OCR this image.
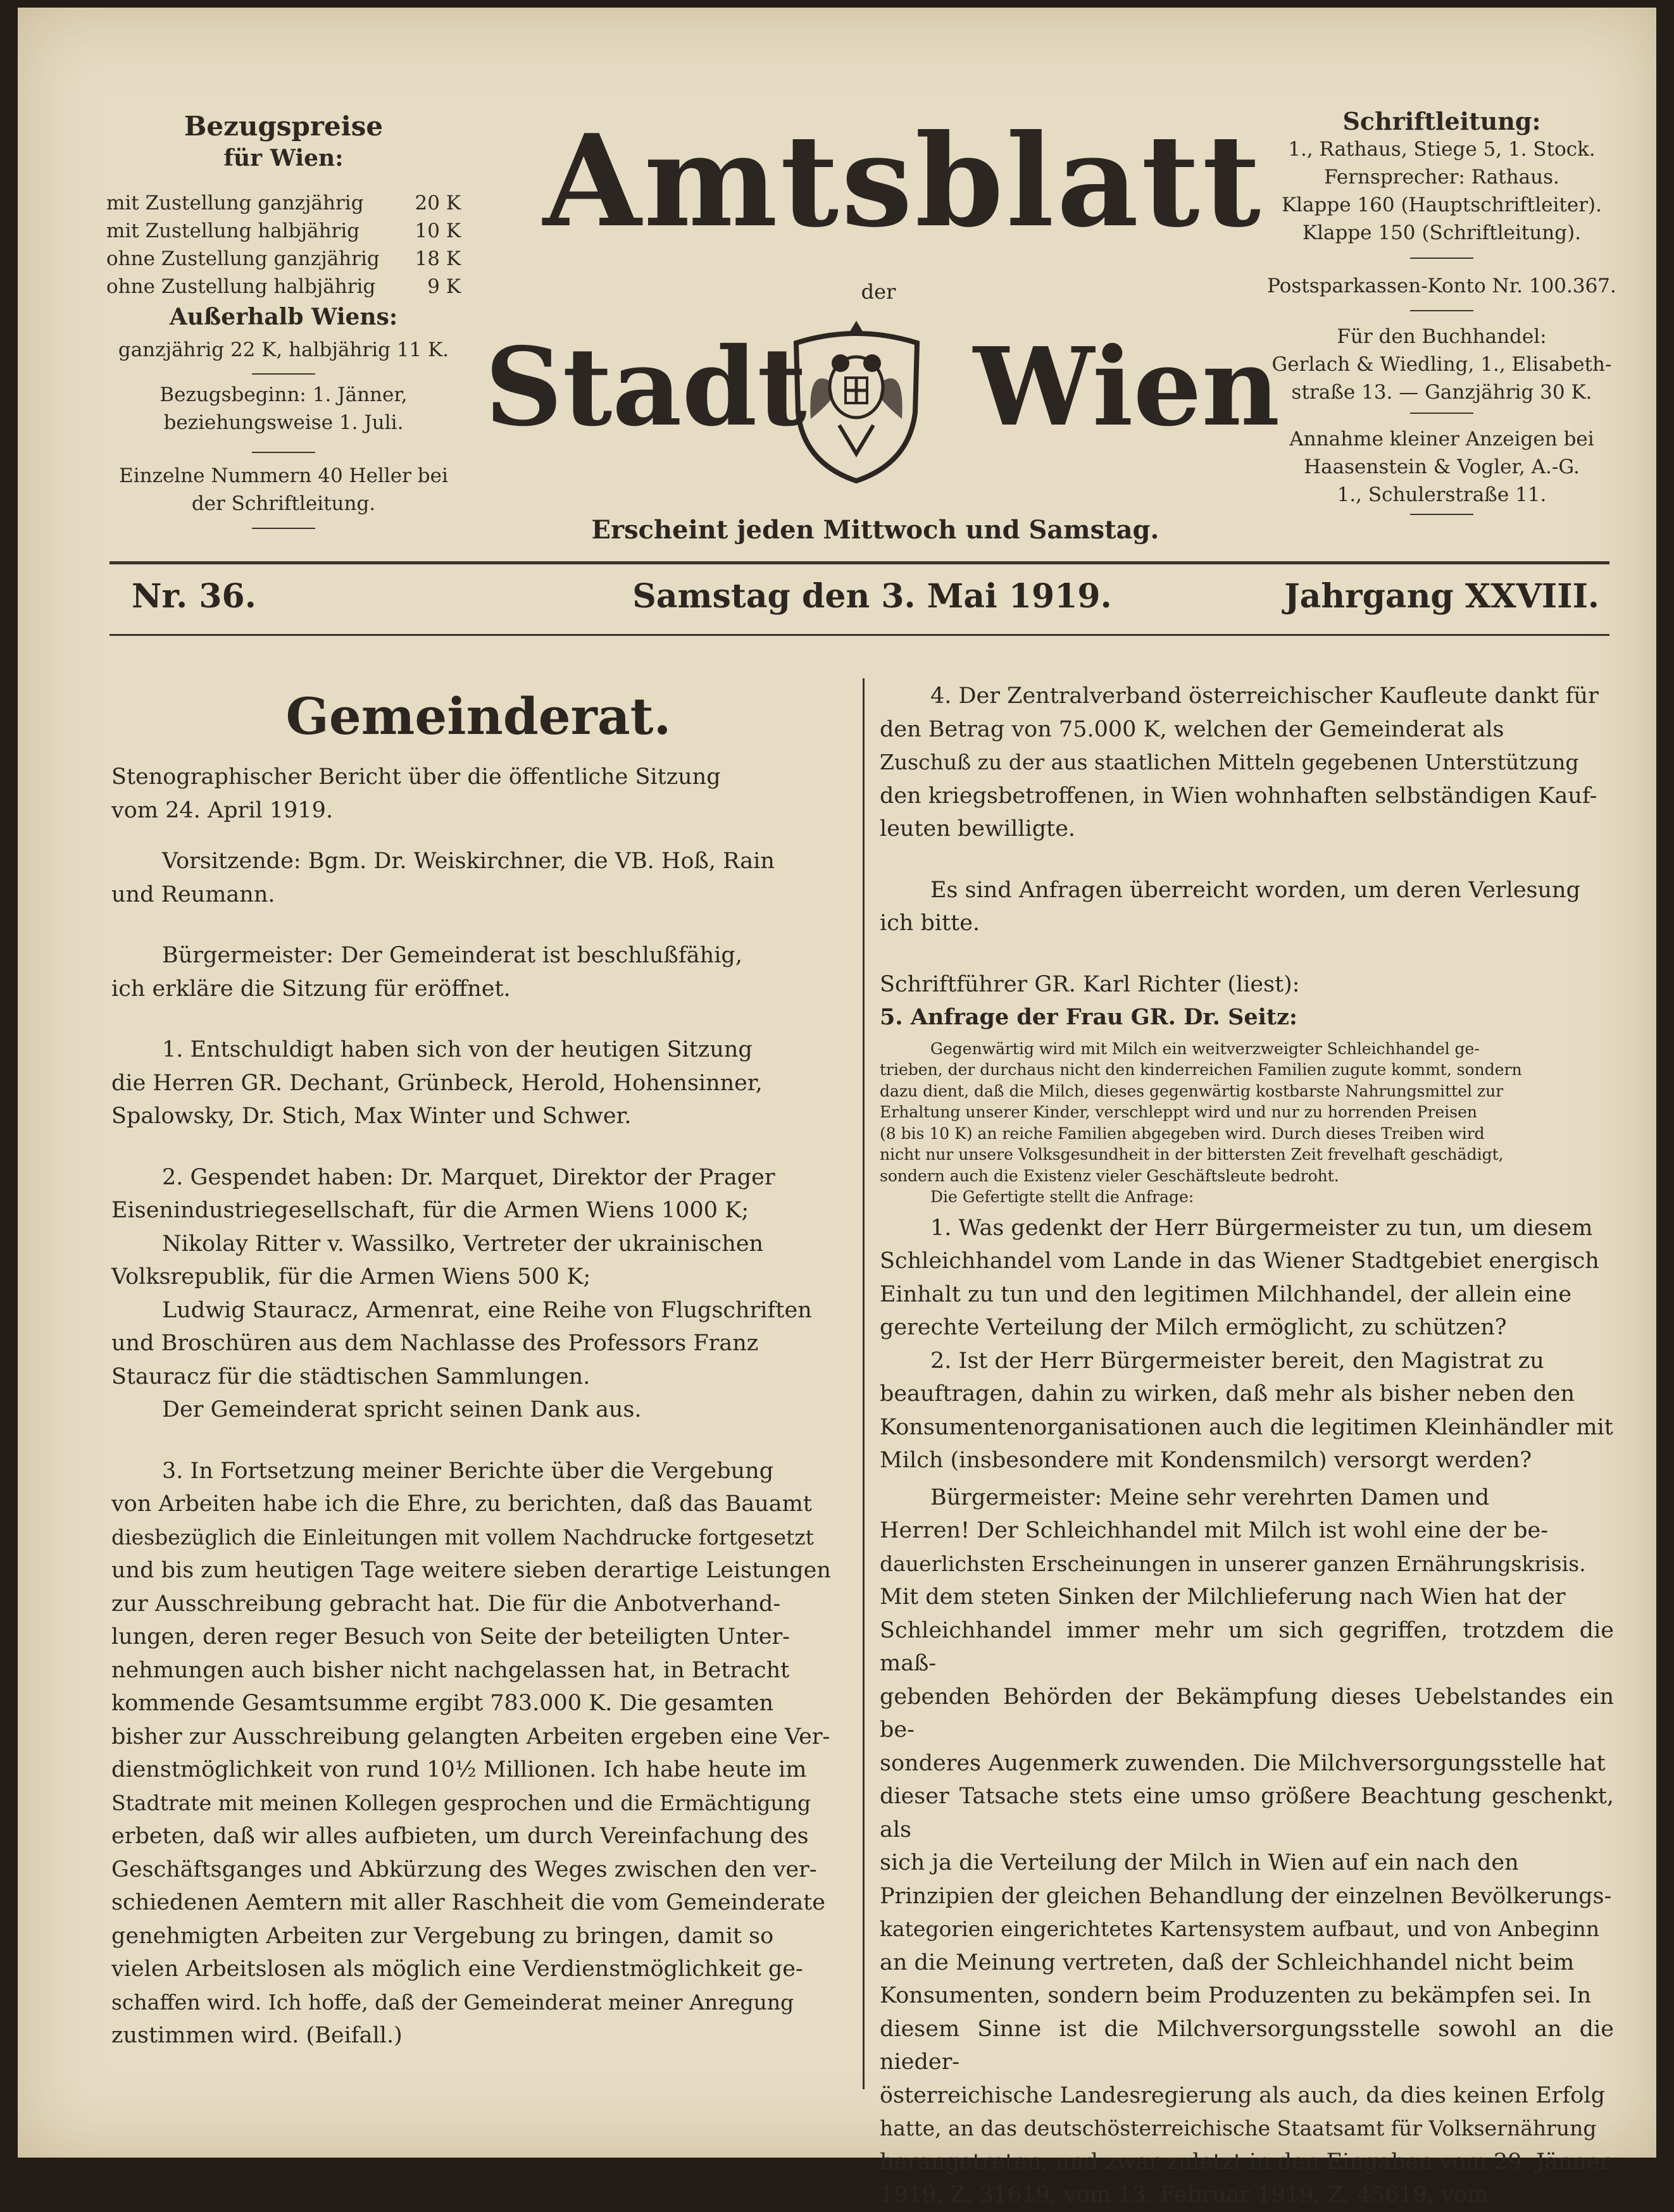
Bezugspreise
für Wien:
mit Zustellung ganzjährig	20 K
mit Zustellung halbjährig	10 K
ohne Zustellung ganzjährig 18 K
ohne Zustellung halbjährig	9 K
Außerhalb Wiens:
ganzjährig 22 K, halbjährig 11 K.
Bezugsbeginn: 1. Jänner,
beziehungsweise 1. Juli.
Einzelne Nummern 40 Heller bei
der Schriftleitung.
Amtsblatt
der
Stadt Wien
Erscheint jeden Mittwoch und Samstag.
Schriftleitung:
1., Rathaus, Stiege 5, 1. Stock.
Fernsprecher: Rathaus.
Klappe 160 (Hauptschriftleiter).
Klappe 150 (Schriftleitung).
Postsparkassen-Konto Nr. 100.367.
Für den Buchhandel:
Gerlach & Wiedling, 1., Elisabeth-
straße 13. — Ganzjährig 30 K.
Annahme kleiner Anzeigen bei
Haasenstein & Vogler, A.-G.
1., Schulerstraße 11.
Nr. 36.	Samstag den 3. Mai 1919.	Jahrgang XXVIII.
Gemeinderat.

Stenographischer Bericht über die öffentliche Sitzung

vom 24. April 1919.

Vorsitzende: Bgm. Dr. Weiskirchner, die VB. Hoß, Rain

und Reumann.

Bürgermeister: Der Gemeinderat ist beschlußfähig,

ich erkläre die Sitzung für eröffnet.

1. Entschuldigt haben sich von der heutigen Sitzung

die Herren GR. Dechant, Grünbeck, Herold, Hohensinner,

Spalowsky, Dr. Stich, Max Winter und Schwer.

2. Gespendet haben: Dr. Marquet, Direktor der Prager

Eisenindustriegesellschaft, für die Armen Wiens 1000 K;

Nikolay Ritter v. Wassilko, Vertreter der ukrainischen

Volksrepublik, für die Armen Wiens 500 K;

Ludwig Stauracz, Armenrat, eine Reihe von Flugschriften

und Broschüren aus dem Nachlasse des Professors Franz

Stauracz für die städtischen Sammlungen.

Der Gemeinderat spricht seinen Dank aus.

3. In Fortsetzung meiner Berichte über die Vergebung

von Arbeiten habe ich die Ehre, zu berichten, daß das Bauamt

diesbezüglich die Einleitungen mit vollem Nachdrucke fortgesetzt

und bis zum heutigen Tage weitere sieben derartige Leistungen

zur Ausschreibung gebracht hat. Die für die Anbotverhand-

lungen, deren reger Besuch von Seite der beteiligten Unter-

nehmungen auch bisher nicht nachgelassen hat, in Betracht

kommende Gesamtsumme ergibt 783.000 K. Die gesamten

bisher zur Ausschreibung gelangten Arbeiten ergeben eine Ver-

dienstmöglichkeit von rund 10½ Millionen. Ich habe heute im

Stadtrate mit meinen Kollegen gesprochen und die Ermächtigung

erbeten, daß wir alles aufbieten, um durch Vereinfachung des

Geschäftsganges und Abkürzung des Weges zwischen den ver-

schiedenen Aemtern mit aller Raschheit die vom Gemeinderate

genehmigten Arbeiten zur Vergebung zu bringen, damit so

vielen Arbeitslosen als möglich eine Verdienstmöglichkeit ge-

schaffen wird. Ich hoffe, daß der Gemeinderat meiner Anregung

zustimmen wird. (Beifall.)

4. Der Zentralverband österreichischer Kaufleute dankt für

den Betrag von 75.000 K, welchen der Gemeinderat als

Zuschuß zu der aus staatlichen Mitteln gegebenen Unterstützung

den kriegsbetroffenen, in Wien wohnhaften selbständigen Kauf-

leuten bewilligte.

Es sind Anfragen überreicht worden, um deren Verlesung

ich bitte.

Schriftführer GR. Karl Richter (liest):

5. Anfrage der Frau GR. Dr. Seitz:

Gegenwärtig wird mit Milch ein weitverzweigter Schleichhandel ge-

trieben, der durchaus nicht den kinderreichen Familien zugute kommt, sondern

dazu dient, daß die Milch, dieses gegenwärtig kostbarste Nahrungsmittel zur

Erhaltung unserer Kinder, verschleppt wird und nur zu horrenden Preisen

(8 bis 10 K) an reiche Familien abgegeben wird. Durch dieses Treiben wird

nicht nur unsere Volksgesundheit in der bittersten Zeit frevelhaft geschädigt,

sondern auch die Existenz vieler Geschäftsleute bedroht.

Die Gefertigte stellt die Anfrage:

1. Was gedenkt der Herr Bürgermeister zu tun, um diesem

Schleichhandel vom Lande in das Wiener Stadtgebiet energisch

Einhalt zu tun und den legitimen Milchhandel, der allein eine

gerechte Verteilung der Milch ermöglicht, zu schützen?

2. Ist der Herr Bürgermeister bereit, den Magistrat zu

beauftragen, dahin zu wirken, daß mehr als bisher neben den

Konsumentenorganisationen auch die legitimen Kleinhändler mit

Milch (insbesondere mit Kondensmilch) versorgt werden?

Bürgermeister: Meine sehr verehrten Damen und

Herren! Der Schleichhandel mit Milch ist wohl eine der be-

dauerlichsten Erscheinungen in unserer ganzen Ernährungskrisis.

Mit dem steten Sinken der Milchlieferung nach Wien hat der

Schleichhandel immer mehr um sich gegriffen, trotzdem die maß-

gebenden Behörden der Bekämpfung dieses Uebelstandes ein be-

sonderes Augenmerk zuwenden. Die Milchversorgungsstelle hat

dieser Tatsache stets eine umso größere Beachtung geschenkt, als

sich ja die Verteilung der Milch in Wien auf ein nach den

Prinzipien der gleichen Behandlung der einzelnen Bevölkerungs-

kategorien eingerichtetes Kartensystem aufbaut, und von Anbeginn

an die Meinung vertreten, daß der Schleichhandel nicht beim

Konsumenten, sondern beim Produzenten zu bekämpfen sei. In

diesem Sinne ist die Milchversorgungsstelle sowohl an die nieder-

österreichische Landesregierung als auch, da dies keinen Erfolg

hatte, an das deutschösterreichische Staatsamt für Volksernährung

herangetreten, und zwar zuletzt in den Eingaben vom 29. Jänner

1919, Z. 31619, vom 13. Februar 1919, Z. 45619, vom
